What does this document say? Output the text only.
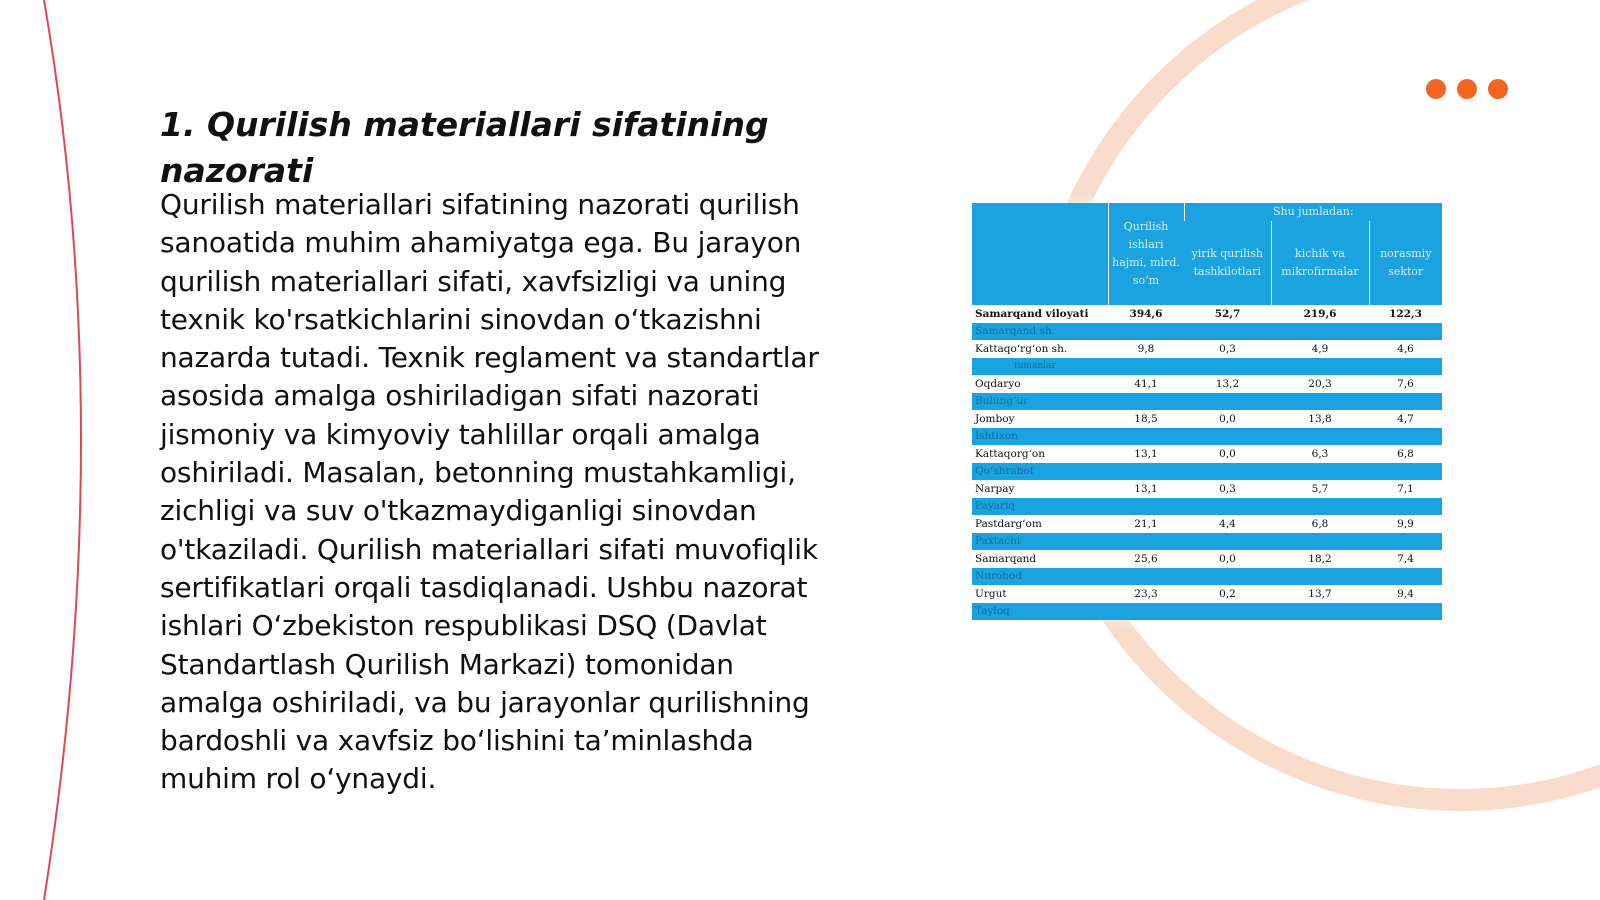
1. Qurilish materiallari sifatining nazorati

Qurilish materiallari sifatining nazorati qurilish sanoatida muhim ahamiyatga ega. Bu jarayon qurilish materiallari sifati, xavfsizligi va uning texnik ko'rsatkichlarini sinovdan o‘tkazishni nazarda tutadi. Texnik reglament va standartlar asosida amalga oshiriladigan sifati nazorati jismoniy va kimyoviy tahlillar orqali amalga oshiriladi. Masalan, betonning mustahkamligi, zichligi va suv o'tkazmaydiganligi sinovdan o'tkaziladi. Qurilish materiallari sifati muvofiqlik sertifikatlari orqali tasdiqlanadi. Ushbu nazorat ishlari O‘zbekiston respublikasi DSQ (Davlat Standartlash Qurilish Markazi) tomonidan amalga oshiriladi, va bu jarayonlar qurilishning bardoshli va xavfsiz bo‘lishini ta’minlashda muhim rol o‘ynaydi.

	Qurilish ishlari hajmi, mlrd. so‘m	Shu jumladan:		
		yirik qurilish tashkilotlari	kichik va mikrofirmalar	norasmiy sektor
Samarqand viloyati	394,6	52,7	219,6	122,3
Samarqand sh.				
Kattaqo‘rg‘on sh.	9,8	0,3	4,9	4,6
tumanlar				
Oqdaryo	41,1	13,2	20,3	7,6
Bulung‘ur				
Jomboy	18,5	0,0	13,8	4,7
Ishtixon				
Kattaqorg‘on	13,1	0,0	6,3	6,8
Qo‘shrabot				
Narpay	13,1	0,3	5,7	7,1
Payariq				
Pastdarg‘om	21,1	4,4	6,8	9,9
Paxtachi				
Samarqand	25,6	0,0	18,2	7,4
Nurobod				
Urgut	23,3	0,2	13,7	9,4
Tayloq				
